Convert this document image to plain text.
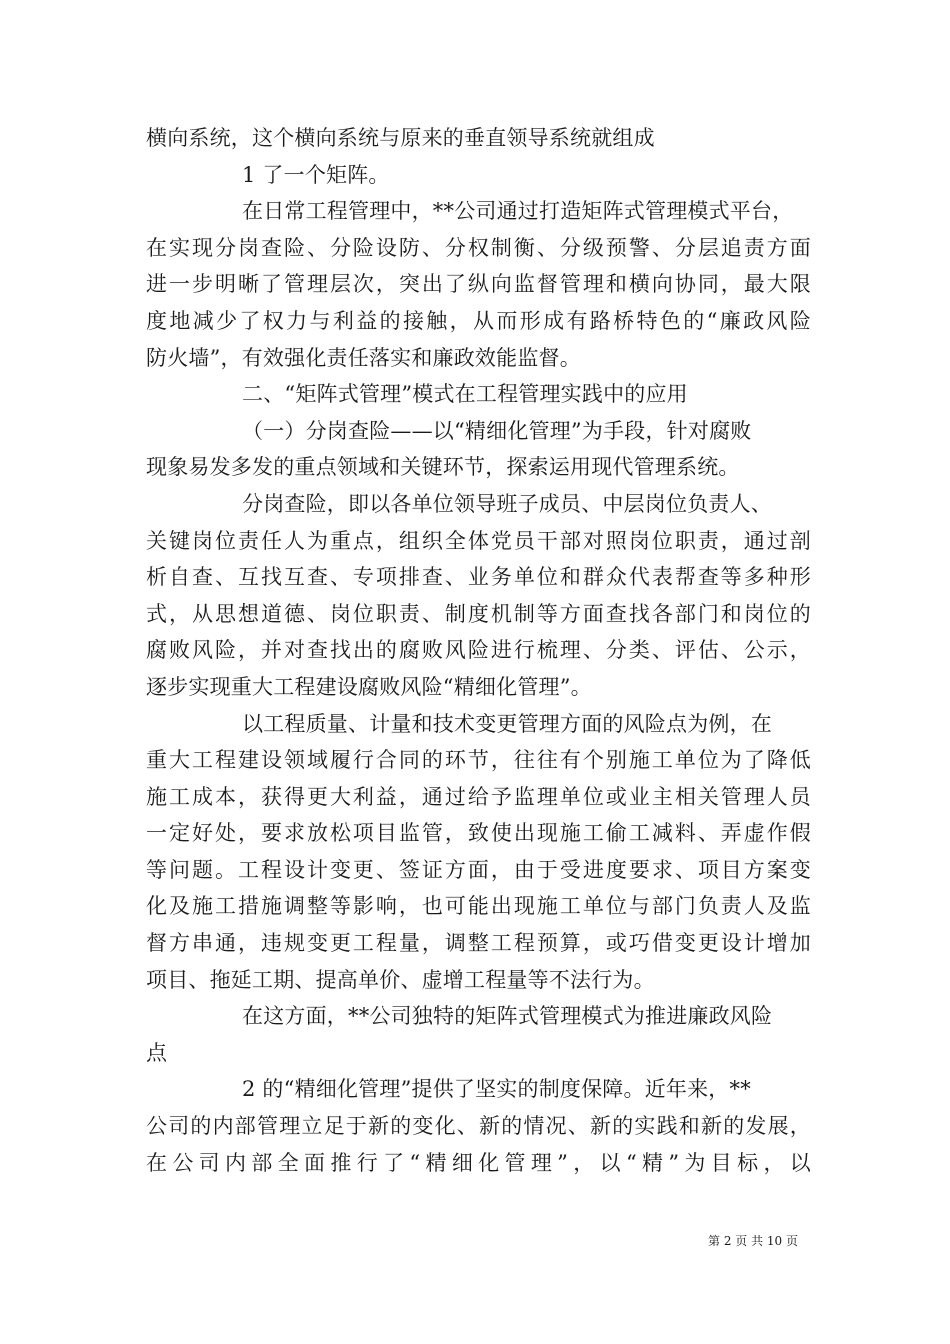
横向系统，这个横向系统与原来的垂直领导系统就组成
1 了一个矩阵。
在日常工程管理中，**公司通过打造矩阵式管理模式平台，
在实现分岗查险、分险设防、分权制衡、分级预警、分层追责方面
进一步明晰了管理层次，突出了纵向监督管理和横向协同，最大限
度地减少了权力与利益的接触，从而形成有路桥特色的“廉政风险
防火墙”，有效强化责任落实和廉政效能监督。
二、“矩阵式管理”模式在工程管理实践中的应用
（一）分岗查险——以“精细化管理”为手段，针对腐败
现象易发多发的重点领域和关键环节，探索运用现代管理系统。
分岗查险，即以各单位领导班子成员、中层岗位负责人、
关键岗位责任人为重点，组织全体党员干部对照岗位职责，通过剖
析自查、互找互查、专项排查、业务单位和群众代表帮查等多种形
式，从思想道德、岗位职责、制度机制等方面查找各部门和岗位的
腐败风险，并对查找出的腐败风险进行梳理、分类、评估、公示，
逐步实现重大工程建设腐败风险“精细化管理”。
以工程质量、计量和技术变更管理方面的风险点为例，在
重大工程建设领域履行合同的环节，往往有个别施工单位为了降低
施工成本，获得更大利益，通过给予监理单位或业主相关管理人员
一定好处，要求放松项目监管，致使出现施工偷工减料、弄虚作假
等问题。工程设计变更、签证方面，由于受进度要求、项目方案变
化及施工措施调整等影响，也可能出现施工单位与部门负责人及监
督方串通，违规变更工程量，调整工程预算，或巧借变更设计增加
项目、拖延工期、提高单价、虚增工程量等不法行为。
在这方面，**公司独特的矩阵式管理模式为推进廉政风险
点
2 的“精细化管理”提供了坚实的制度保障。近年来，**
公司的内部管理立足于新的变化、新的情况、新的实践和新的发展，
在公司内部全面推行了“精细化管理”，以“精”为目标，以
第 2 页 共 10 页
